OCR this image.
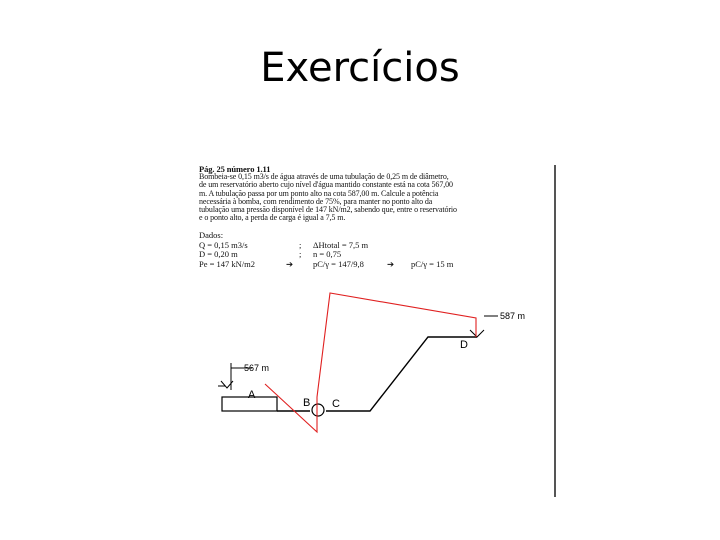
Exercícios
Pág. 25 número 1.11
Bombeia-se 0,15 m3/s de água através de uma tubulação de 0,25 m de diâmetro,
de um reservatório aberto cujo nível d'água mantido constante está na cota 567,00
m. A tubulação passa por um ponto alto na cota 587,00 m. Calcule a potência
necessária à bomba, com rendimento de 75%, para manter no ponto alto da
tubulação uma pressão disponível de 147 kN/m2, sabendo que, entre o reservatório
e o ponto alto, a perda de carga é igual a 7,5 m.
Dados:
Q = 0,15 m3/s	; ΔHtotal = 7,5 m
D = 0,20 m	; n = 0,75
Pe = 147 kN/m2	➔ pC/γ = 147/9,8	➔ pC/γ = 15 m
587 m
567 m
A
B C
D
